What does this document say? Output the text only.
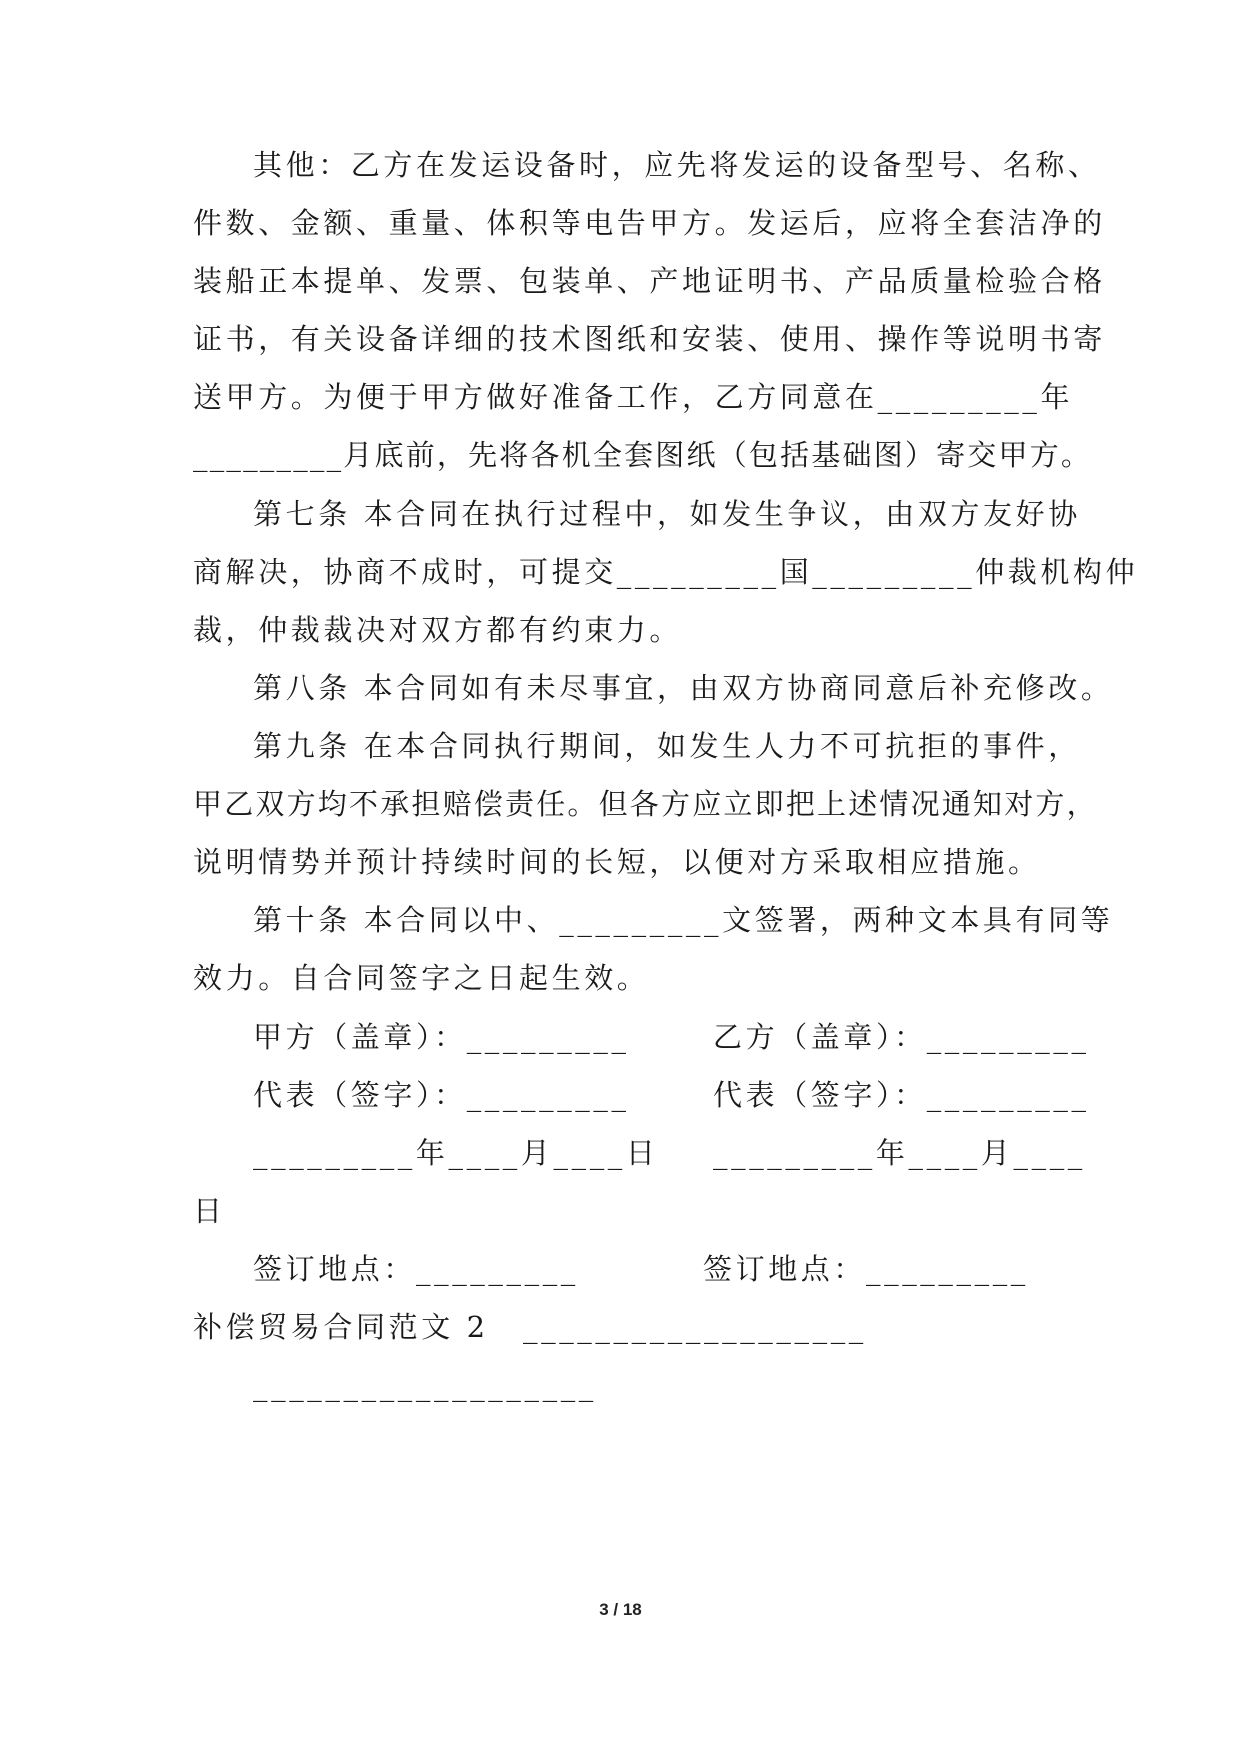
其他：乙方在发运设备时，应先将发运的设备型号、名称、
件数、金额、重量、体积等电告甲方。发运后，应将全套洁净的
装船正本提单、发票、包装单、产地证明书、产品质量检验合格
证书，有关设备详细的技术图纸和安装、使用、操作等说明书寄
送甲方。为便于甲方做好准备工作，乙方同意在_________年
_________月底前，先将各机全套图纸（包括基础图）寄交甲方。
第七条 本合同在执行过程中，如发生争议，由双方友好协
商解决，协商不成时，可提交_________国_________仲裁机构仲
裁，仲裁裁决对双方都有约束力。
第八条 本合同如有未尽事宜，由双方协商同意后补充修改。
第九条 在本合同执行期间，如发生人力不可抗拒的事件，
甲乙双方均不承担赔偿责任。但各方应立即把上述情况通知对方，
说明情势并预计持续时间的长短，以便对方采取相应措施。
第十条 本合同以中、_________文签署，两种文本具有同等
效力。自合同签字之日起生效。
甲方（盖章）：_________	乙方（盖章）：_________
代表（签字）：_________	代表（签字）：_________
_________年____月____日	_________年____月____
日
签订地点：_________	签订地点：_________
补偿贸易合同范文 2	___________________
___________________
3 / 18
